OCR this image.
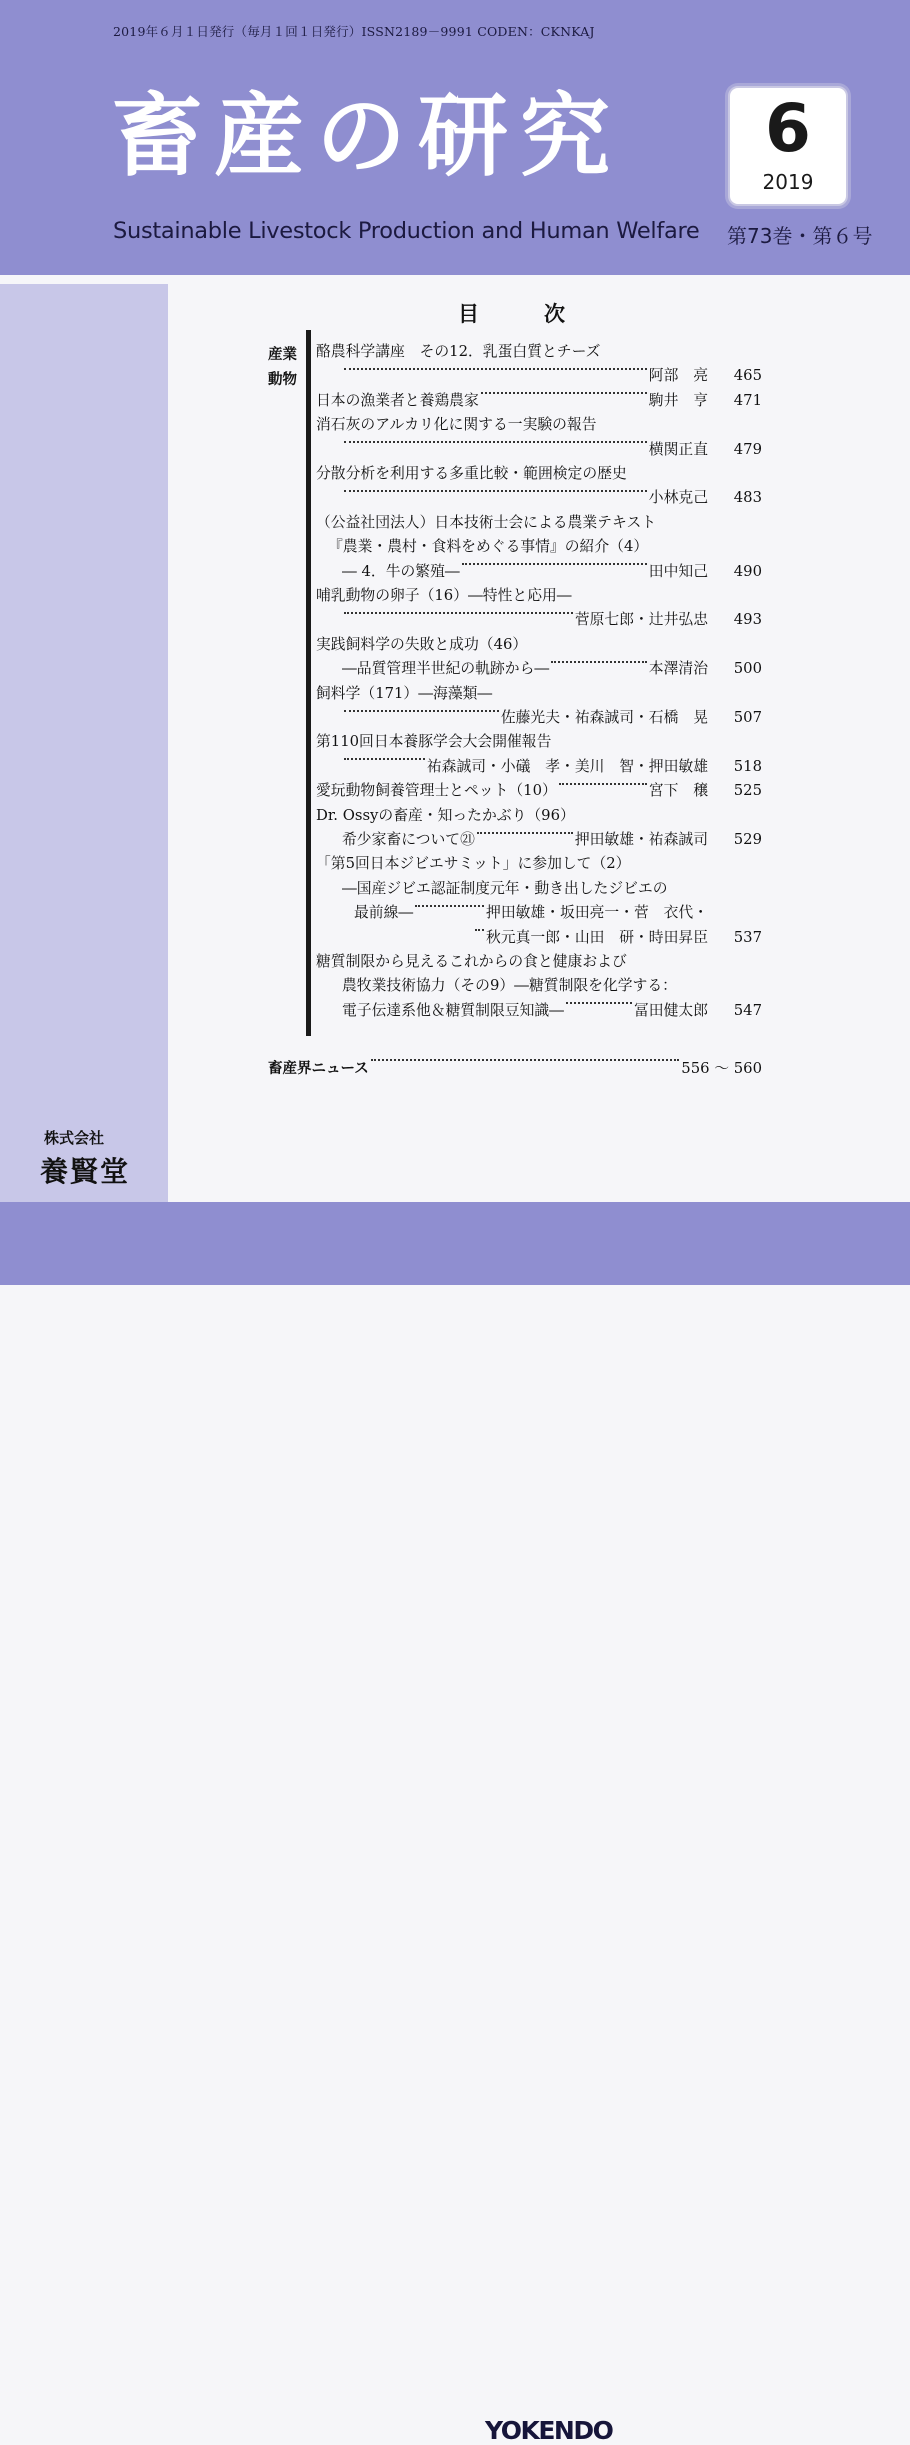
2019年６月１日発行（毎月１回１日発行）ISSN2189－9991 CODEN：CKNKAJ
畜産の研究
Sustainable Livestock Production and Human Welfare
6
2019
第73巻・第６号
目　次
産業
動物
酪農科学講座　その12．乳蛋白質とチーズ
阿部　亮	465
日本の漁業者と養鶏農家	駒井　亨	471
消石灰のアルカリ化に関する一実験の報告
横関正直	479
分散分析を利用する多重比較・範囲検定の歴史
小林克己	483
（公益社団法人）日本技術士会による農業テキスト
『農業・農村・食料をめぐる事情』の紹介（4）
― 4．牛の繁殖―	田中知己	490
哺乳動物の卵子（16）―特性と応用―
菅原七郎・辻井弘忠	493
実践飼料学の失敗と成功（46）
―品質管理半世紀の軌跡から―	本澤清治	500
飼料学（171）―海藻類―
佐藤光夫・祐森誠司・石橋　晃	507
第110回日本養豚学会大会開催報告
祐森誠司・小礒　孝・美川　智・押田敏雄	518
愛玩動物飼養管理士とペット（10）	宮下　穣	525
Dr. Ossyの畜産・知ったかぶり（96）
希少家畜について㉑	押田敏雄・祐森誠司	529
「第5回日本ジビエサミット」に参加して（2）
―国産ジビエ認証制度元年・動き出したジビエの
最前線―	押田敏雄・坂田亮一・菅　衣代・
秋元真一郎・山田　研・時田昇臣	537
糖質制限から見えるこれからの食と健康および
農牧業技術協力（その9）―糖質制限を化学する：
電子伝達系他＆糖質制限豆知識―	冨田健太郎	547
畜産界ニュース	556 ～ 560
株式会社
養賢堂
YOKENDO
